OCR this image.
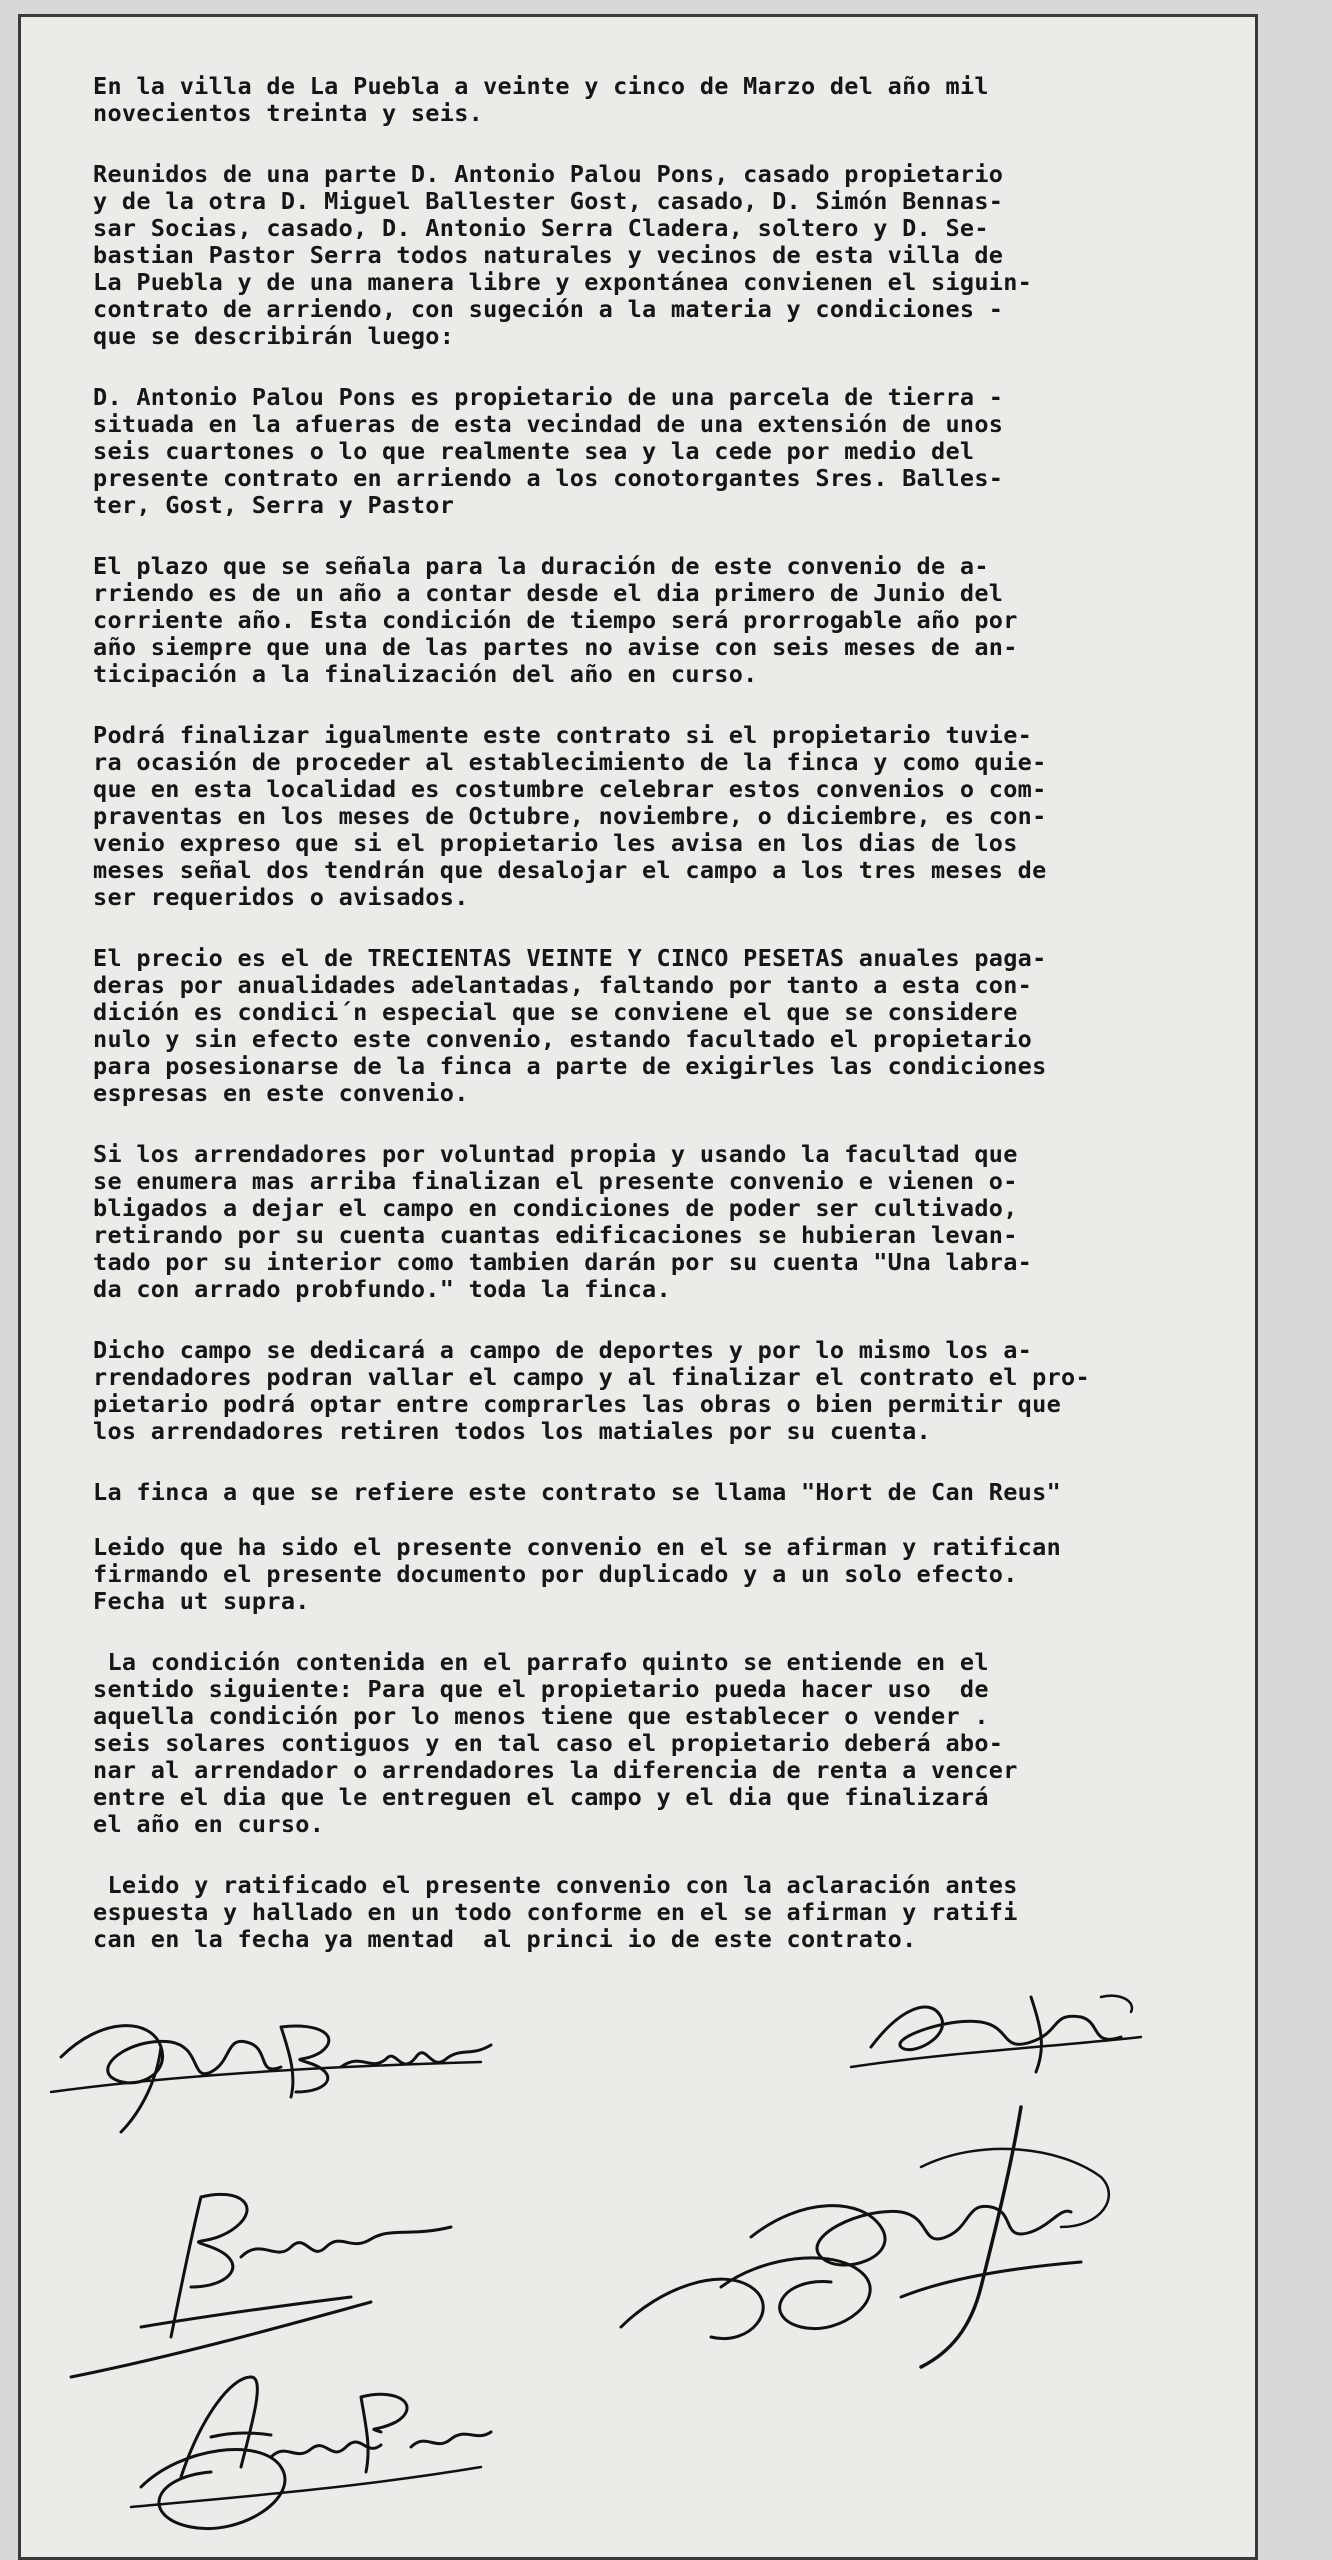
En la villa de La Puebla a veinte y cinco de Marzo del año mil
novecientos treinta y seis.

Reunidos de una parte D. Antonio Palou Pons, casado propietario
y de la otra D. Miguel Ballester Gost, casado, D. Simón Bennas-
sar Socias, casado, D. Antonio Serra Cladera, soltero y D. Se-
bastian Pastor Serra todos naturales y vecinos de esta villa de
La Puebla y de una manera libre y expontánea convienen el siguin-
contrato de arriendo, con sugeción a la materia y condiciones -
que se describirán luego:

D. Antonio Palou Pons es propietario de una parcela de tierra -
situada en la afueras de esta vecindad de una extensión de unos
seis cuartones o lo que realmente sea y la cede por medio del
presente contrato en arriendo a los conotorgantes Sres. Balles-
ter, Gost, Serra y Pastor

El plazo que se señala para la duración de este convenio de a-
rriendo es de un año a contar desde el dia primero de Junio del
corriente año. Esta condición de tiempo será prorrogable año por
año siempre que una de las partes no avise con seis meses de an-
ticipación a la finalización del año en curso.

Podrá finalizar igualmente este contrato si el propietario tuvie-
ra ocasión de proceder al establecimiento de la finca y como quie-
que en esta localidad es costumbre celebrar estos convenios o com-
praventas en los meses de Octubre, noviembre, o diciembre, es con-
venio expreso que si el propietario les avisa en los dias de los
meses señal dos tendrán que desalojar el campo a los tres meses de
ser requeridos o avisados.

El precio es el de TRECIENTAS VEINTE Y CINCO PESETAS anuales paga-
deras por anualidades adelantadas, faltando por tanto a esta con-
dición es condici´n especial que se conviene el que se considere
nulo y sin efecto este convenio, estando facultado el propietario
para posesionarse de la finca a parte de exigirles las condiciones
espresas en este convenio.

Si los arrendadores por voluntad propia y usando la facultad que
se enumera mas arriba finalizan el presente convenio e vienen o-
bligados a dejar el campo en condiciones de poder ser cultivado,
retirando por su cuenta cuantas edificaciones se hubieran levan-
tado por su interior como tambien darán por su cuenta "Una labra-
da con arrado probfundo." toda la finca.

Dicho campo se dedicará a campo de deportes y por lo mismo los a-
rrendadores podran vallar el campo y al finalizar el contrato el pro-
pietario podrá optar entre comprarles las obras o bien permitir que
los arrendadores retiren todos los matiales por su cuenta.

La finca a que se refiere este contrato se llama "Hort de Can Reus"

Leido que ha sido el presente convenio en el se afirman y ratifican
firmando el presente documento por duplicado y a un solo efecto.
Fecha ut supra.

La condición contenida en el parrafo quinto se entiende en el
sentido siguiente: Para que el propietario pueda hacer uso  de
aquella condición por lo menos tiene que establecer o vender .
seis solares contiguos y en tal caso el propietario deberá abo-
nar al arrendador o arrendadores la diferencia de renta a vencer
entre el dia que le entreguen el campo y el dia que finalizará
el año en curso.

Leido y ratificado el presente convenio con la aclaración antes
espuesta y hallado en un todo conforme en el se afirman y ratifi
can en la fecha ya mentad  al princi io de este contrato.
